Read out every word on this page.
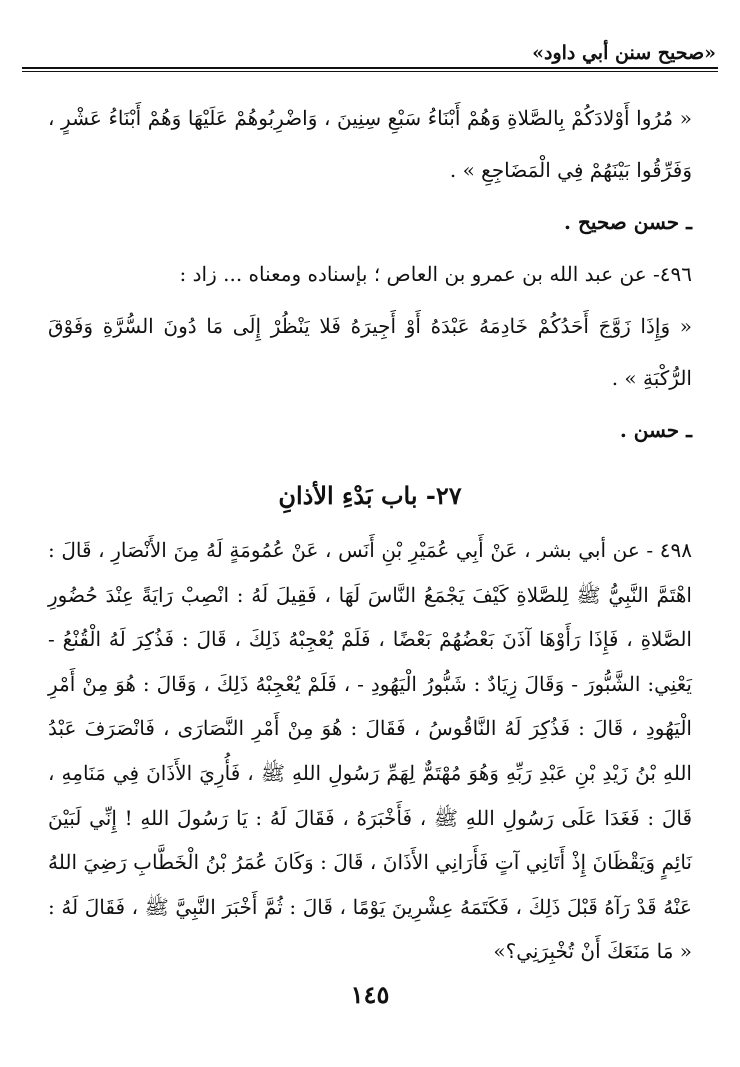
«صحيح سنن أبي داود»

« مُرُوا أَوْلادَكُمْ بِالصَّلاةِ وَهُمْ أَبْنَاءُ سَبْعِ سِنِينَ ، وَاضْرِبُوهُمْ عَلَيْهَا وَهُمْ أَبْنَاءُ عَشْرٍ ، وَفَرِّقُوا بَيْنَهُمْ فِي الْمَضَاجِعِ » .

ـ حسن صحيح .

٤٩٦- عن عبد الله بن عمرو بن العاص ؛ بإسناده ومعناه ... زاد :

« وَإِذَا زَوَّجَ أَحَدُكُمْ خَادِمَهُ عَبْدَهُ أَوْ أَجِيرَهُ فَلا يَنْظُرْ إِلَى مَا دُونَ السُّرَّةِ وَفَوْقَ الرُّكْبَةِ » .

ـ حسن .

٢٧- باب بَدْءِ الأذانِ

٤٩٨ - عن أبي بشر ، عَنْ أَبِي عُمَيْرِ بْنِ أَنَس ، عَنْ عُمُومَةٍ لَهُ مِنَ الأَنْصَارِ ، قَالَ : اهْتَمَّ النَّبِيُّ ﷺ لِلصَّلاةِ كَيْفَ يَجْمَعُ النَّاسَ لَهَا ، فَقِيلَ لَهُ : انْصِبْ رَايَةً عِنْدَ حُضُورِ الصَّلاةِ ، فَإِذَا رَأَوْهَا آذَنَ بَعْضُهُمْ بَعْضًا ، فَلَمْ يُعْجِبْهُ ذَلِكَ ، قَالَ : فَذُكِرَ لَهُ الْقُنْعُ - يَعْنِي: الشَّبُّورَ - وَقَالَ زِيَادٌ : شَبُّورُ الْيَهُودِ - ، فَلَمْ يُعْجِبْهُ ذَلِكَ ، وَقَالَ : هُوَ مِنْ أَمْرِ الْيَهُودِ ، قَالَ : فَذُكِرَ لَهُ النَّاقُوسُ ، فَقَالَ : هُوَ مِنْ أَمْرِ النَّصَارَى ، فَانْصَرَفَ عَبْدُ اللهِ بْنُ زَيْدِ بْنِ عَبْدِ رَبِّهِ وَهُوَ مُهْتَمٌّ لِهَمِّ رَسُولِ اللهِ ﷺ ، فَأُرِيَ الأَذَانَ فِي مَنَامِهِ ، قَالَ : فَغَدَا عَلَى رَسُولِ اللهِ ﷺ ، فَأَخْبَرَهُ ، فَقَالَ لَهُ : يَا رَسُولَ اللهِ ! إِنِّي لَبَيْنَ نَائِمٍ وَيَقْظَانَ إِذْ أَتَانِي آتٍ فَأَرَانِي الأَذَانَ ، قَالَ : وَكَانَ عُمَرُ بْنُ الْخَطَّابِ رَضِيَ اللهُ عَنْهُ قَدْ رَآهُ قَبْلَ ذَلِكَ ، فَكَتَمَهُ عِشْرِينَ يَوْمًا ، قَالَ : ثُمَّ أَخْبَرَ النَّبِيَّ ﷺ ، فَقَالَ لَهُ : « مَا مَنَعَكَ أَنْ تُخْبِرَنِي؟»

١٤٥
